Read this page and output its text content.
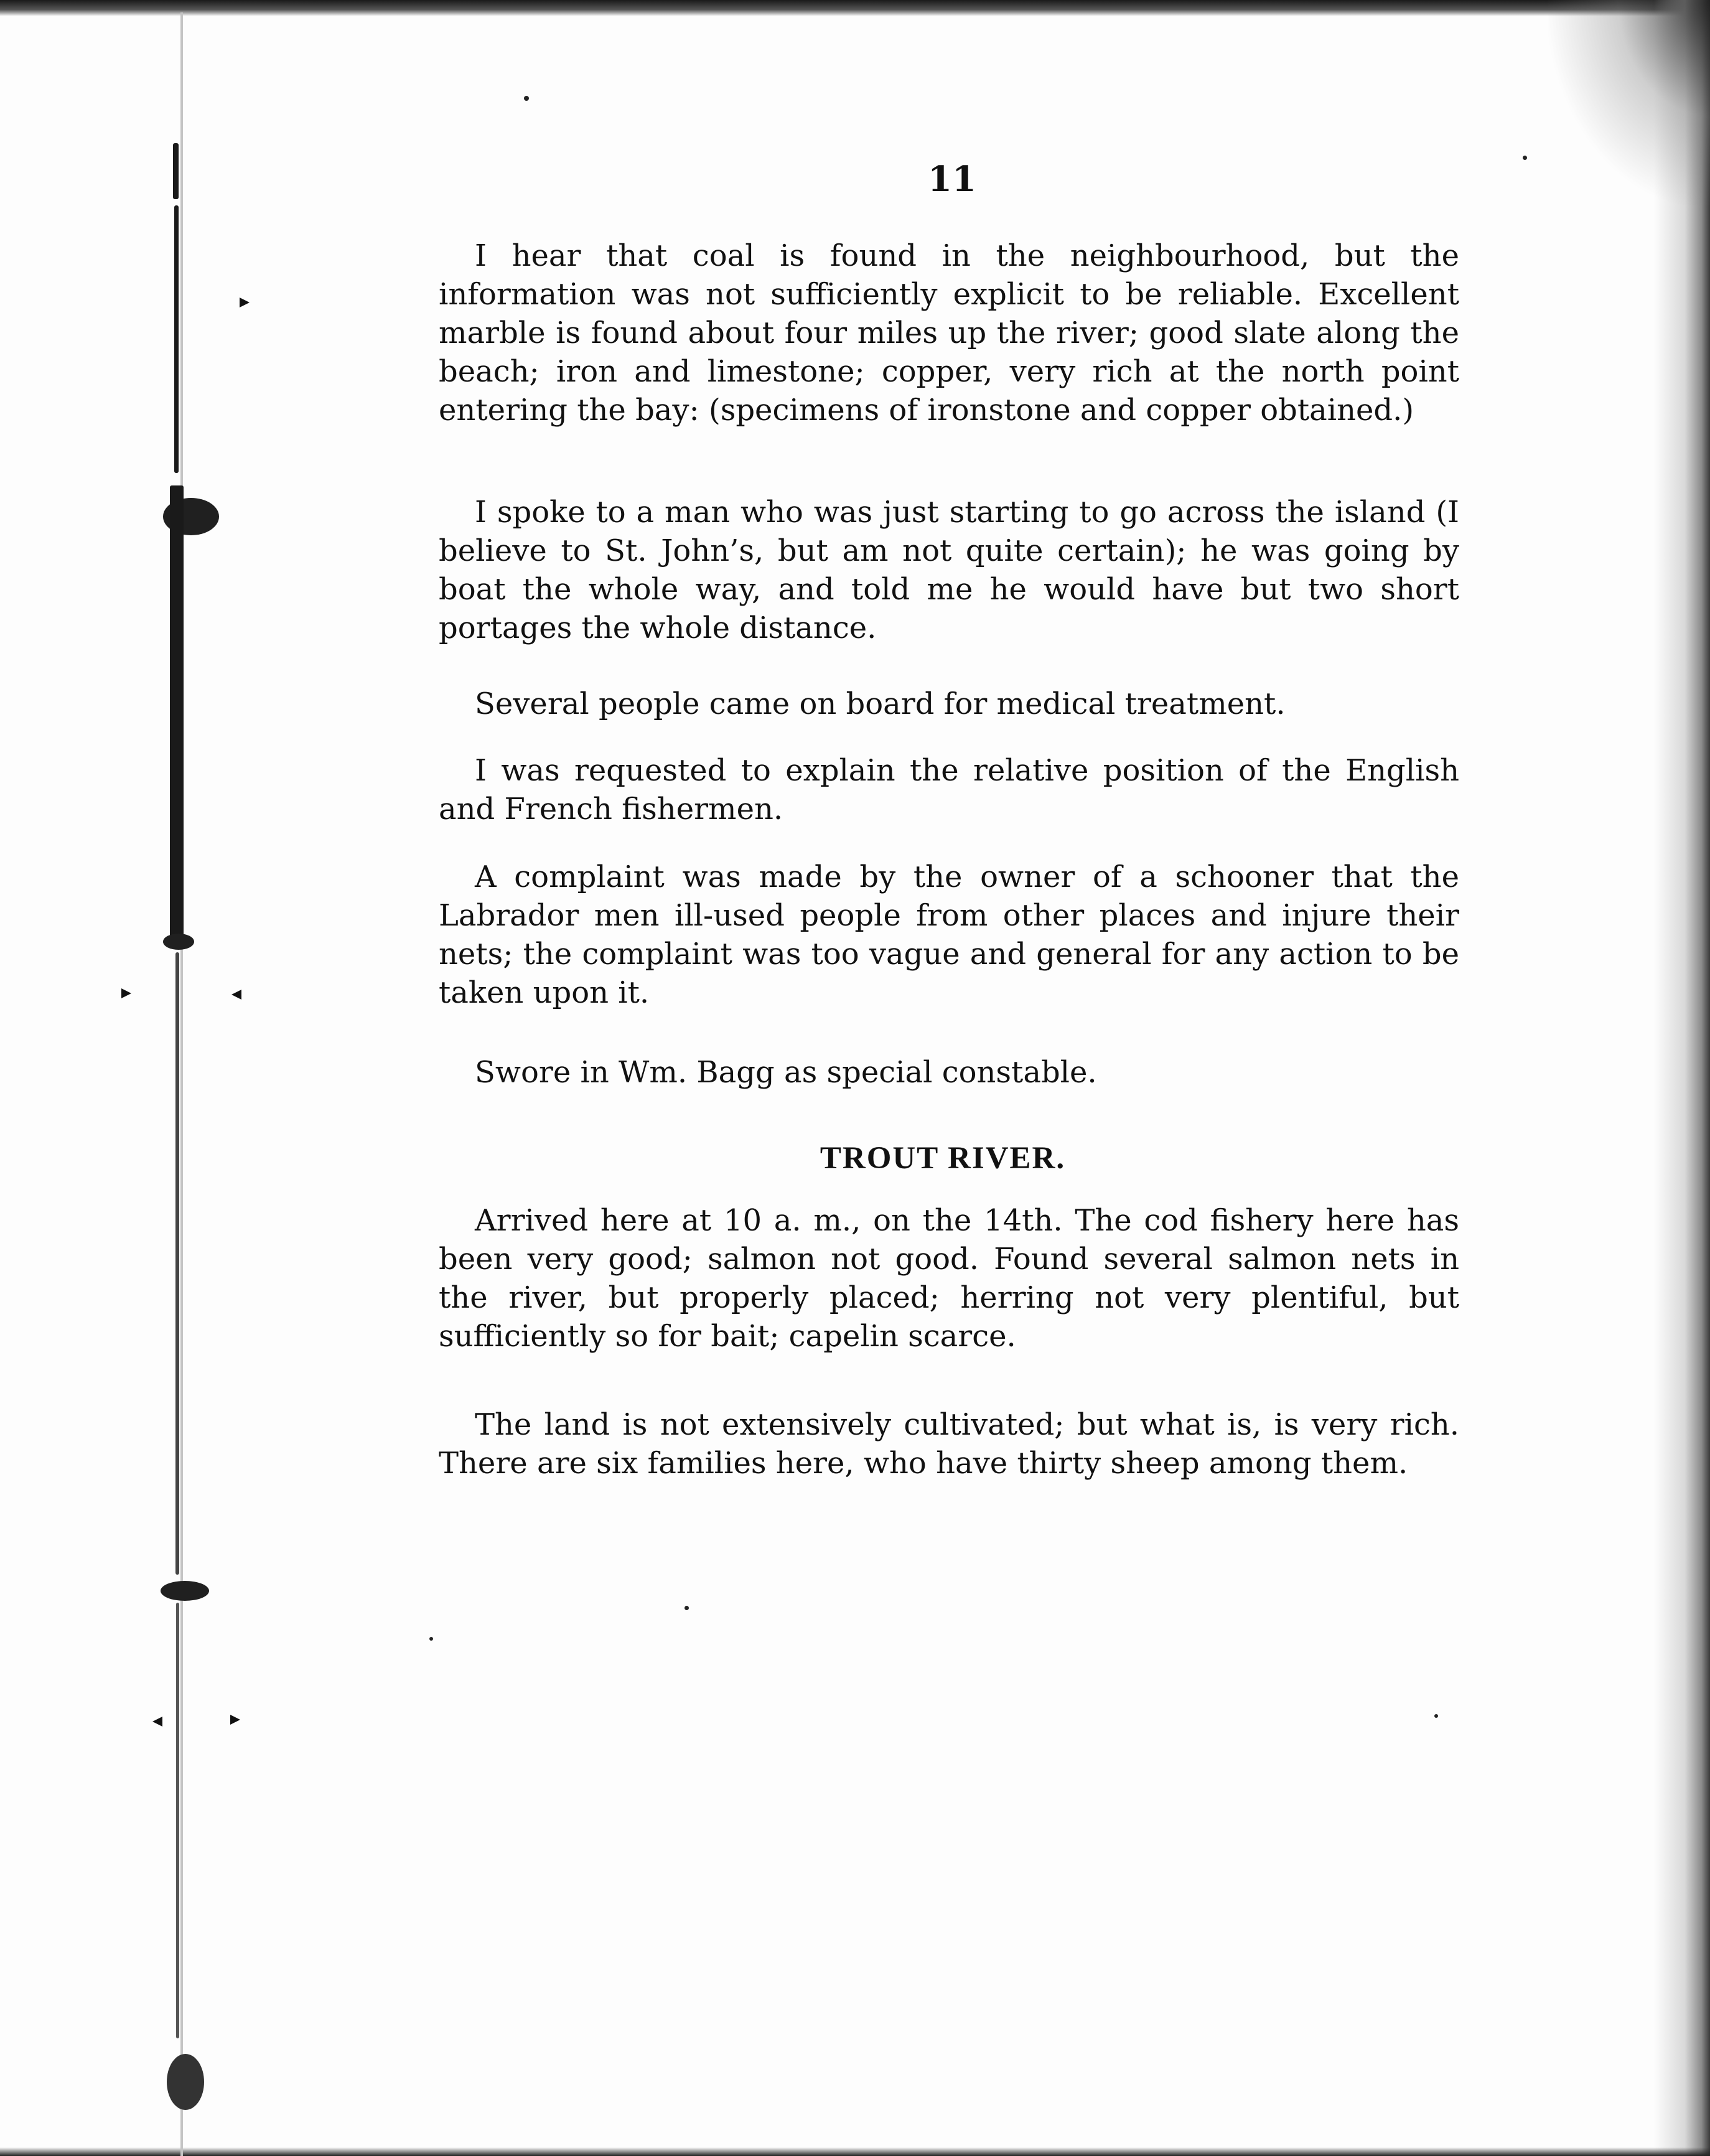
11

I hear that coal is found in the neighbourhood, but the information was not sufficiently explicit to be reliable. Excellent marble is found about four miles up the river; good slate along the beach; iron and limestone; copper, very rich at the north point entering the bay: (specimens of ironstone and copper obtained.)

I spoke to a man who was just starting to go across the island (I believe to St. John’s, but am not quite certain); he was going by boat the whole way, and told me he would have but two short portages the whole distance.

Several people came on board for medical treatment.

I was requested to explain the relative position of the English and French fishermen.

A complaint was made by the owner of a schooner that the Labrador men ill-used people from other places and injure their nets; the complaint was too vague and general for any action to be taken upon it.

Swore in Wm. Bagg as special constable.

TROUT RIVER.

Arrived here at 10 a. m., on the 14th. The cod fishery here has been very good; salmon not good. Found several salmon nets in the river, but properly placed; herring not very plentiful, but sufficiently so for bait; capelin scarce.

The land is not extensively cultivated; but what is, is very rich. There are six families here, who have thirty sheep among them.
